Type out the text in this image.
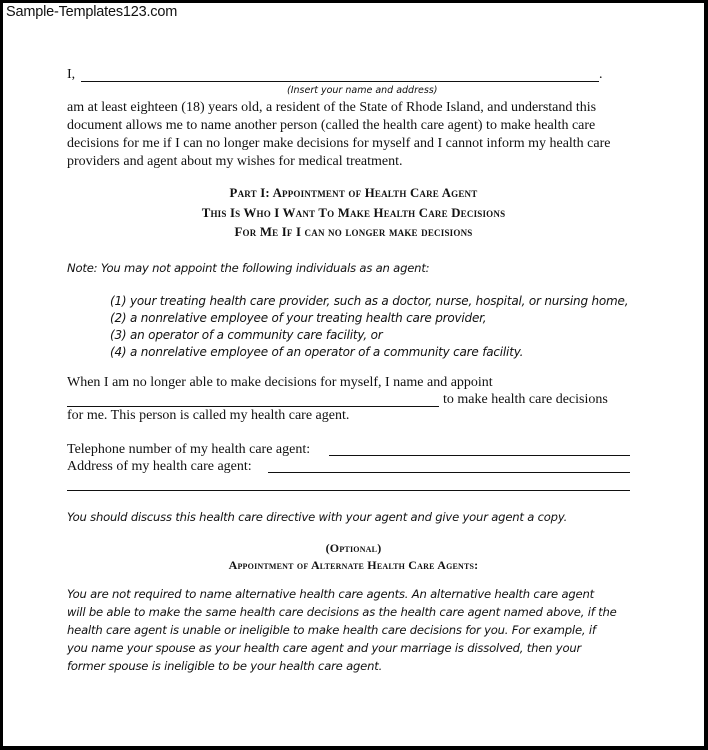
Sample-Templates123.com
I,	.
(Insert your name and address)
am at least eighteen (18) years old, a resident of the State of Rhode Island, and understand this
document allows me to name another person (called the health care agent) to make health care
decisions for me if I can no longer make decisions for myself and I cannot inform my health care
providers and agent about my wishes for medical treatment.
Part I: Appointment of Health Care Agent
This Is Who I Want To Make Health Care Decisions
For Me If I can no longer make decisions
Note: You may not appoint the following individuals as an agent:
(1) your treating health care provider, such as a doctor, nurse, hospital, or nursing home,
(2) a nonrelative employee of your treating health care provider,
(3) an operator of a community care facility, or
(4) a nonrelative employee of an operator of a community care facility.
When I am no longer able to make decisions for myself, I name and appoint
to make health care decisions
for me. This person is called my health care agent.
Telephone number of my health care agent:
Address of my health care agent:
You should discuss this health care directive with your agent and give your agent a copy.
(Optional)
Appointment of Alternate Health Care Agents:
You are not required to name alternative health care agents. An alternative health care agent
will be able to make the same health care decisions as the health care agent named above, if the
health care agent is unable or ineligible to make health care decisions for you. For example, if
you name your spouse as your health care agent and your marriage is dissolved, then your
former spouse is ineligible to be your health care agent.
